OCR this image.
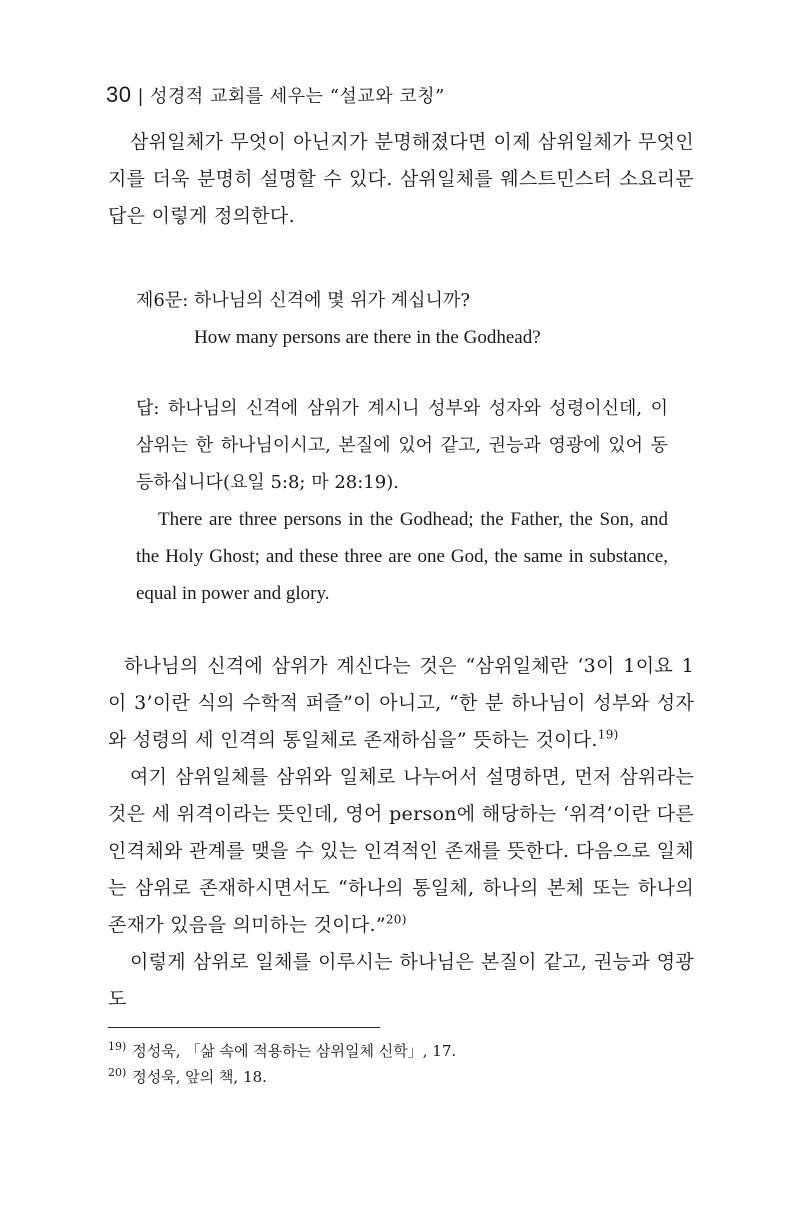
30 | 성경적 교회를 세우는 “설교와 코칭”

삼위일체가 무엇이 아닌지가 분명해졌다면 이제 삼위일체가 무엇인지를 더욱 분명히 설명할 수 있다. 삼위일체를 웨스트민스터 소요리문답은 이렇게 정의한다.

제6문: 하나님의 신격에 몇 위가 계십니까?
How many persons are there in the Godhead?

답: 하나님의 신격에 삼위가 계시니 성부와 성자와 성령이신데, 이 삼위는 한 하나님이시고, 본질에 있어 같고, 권능과 영광에 있어 동등하십니다(요일 5:8; 마 28:19).

There are three persons in the Godhead; the Father, the Son, and the Holy Ghost; and these three are one God, the same in substance, equal in power and glory.

하나님의 신격에 삼위가 계신다는 것은 “삼위일체란 ‘3이 1이요 1이 3’이란 식의 수학적 퍼즐”이 아니고, “한 분 하나님이 성부와 성자와 성령의 세 인격의 통일체로 존재하심을” 뜻하는 것이다.$^{19)}$

여기 삼위일체를 삼위와 일체로 나누어서 설명하면, 먼저 삼위라는 것은 세 위격이라는 뜻인데, 영어 person에 해당하는 ‘위격’이란 다른 인격체와 관계를 맺을 수 있는 인격적인 존재를 뜻한다. 다음으로 일체는 삼위로 존재하시면서도 “하나의 통일체, 하나의 본체 또는 하나의 존재가 있음을 의미하는 것이다.”$^{20)}$

이렇게 삼위로 일체를 이루시는 하나님은 본질이 같고, 권능과 영광도

$^{19)}$ 정성욱, 「삶 속에 적용하는 삼위일체 신학」, 17.
$^{20)}$ 정성욱, 앞의 책, 18.
